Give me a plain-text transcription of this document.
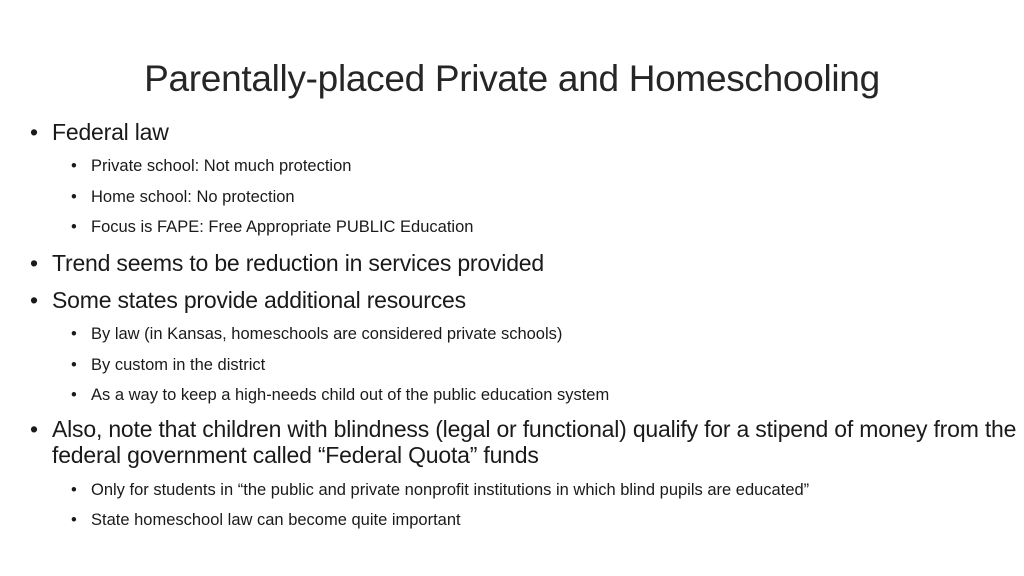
Parentally-placed Private and Homeschooling
• Federal law
• Private school: Not much protection
• Home school: No protection
• Focus is FAPE: Free Appropriate PUBLIC Education
• Trend seems to be reduction in services provided
• Some states provide additional resources
• By law (in Kansas, homeschools are considered private schools)
• By custom in the district
• As a way to keep a high-needs child out of the public education system
• Also, note that children with blindness (legal or functional) qualify for a stipend of money from the federal government called “Federal Quota” funds
• Only for students in “the public and private nonprofit institutions in which blind pupils are educated”
• State homeschool law can become quite important
